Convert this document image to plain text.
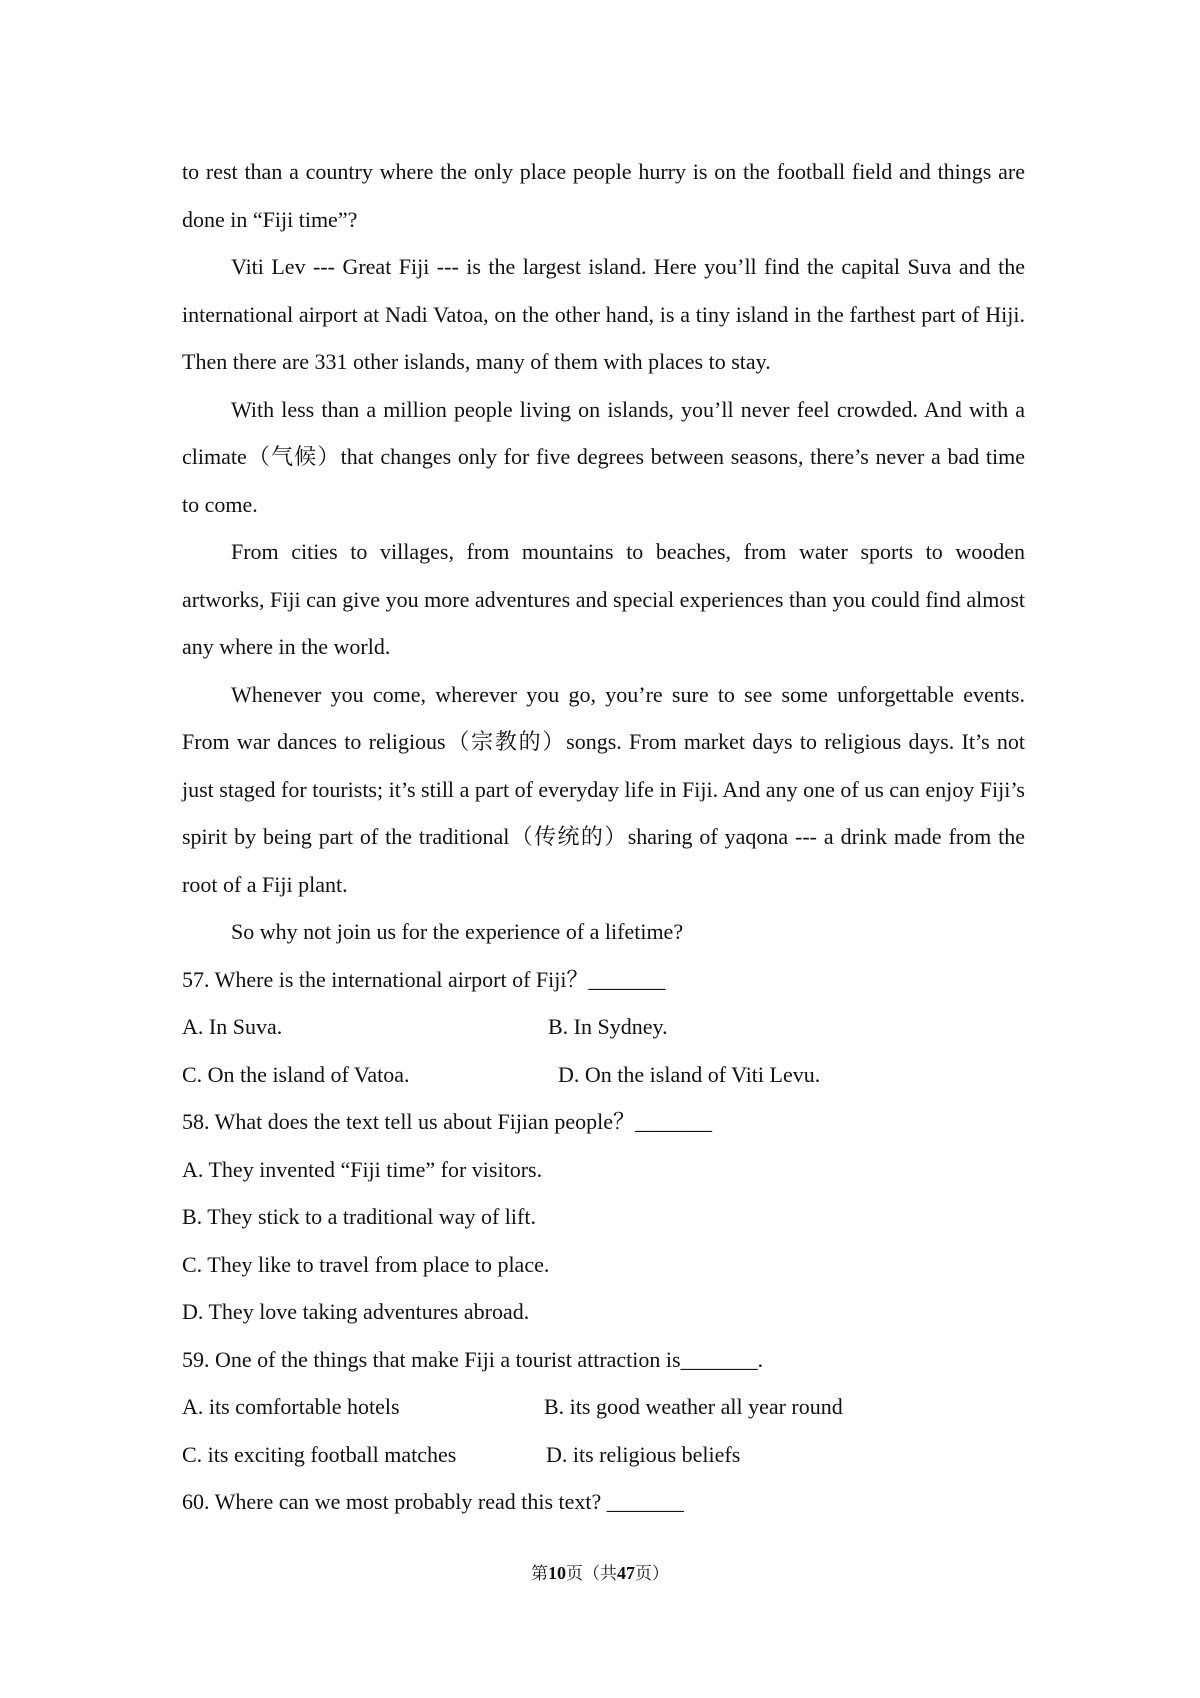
to rest than a country where the only place people hurry is on the football field and things are done in “Fiji time”?

Viti Lev --- Great Fiji --- is the largest island. Here you’ll find the capital Suva and the international airport at Nadi Vatoa, on the other hand, is a tiny island in the farthest part of Hiji. Then there are 331 other islands, many of them with places to stay.

With less than a million people living on islands, you’ll never feel crowded. And with a climate（气候）that changes only for five degrees between seasons, there’s never a bad time to come.

From cities to villages, from mountains to beaches, from water sports to wooden artworks, Fiji can give you more adventures and special experiences than you could find almost any where in the world.

Whenever you come, wherever you go, you’re sure to see some unforgettable events. From war dances to religious（宗教的）songs. From market days to religious days. It’s not just staged for tourists; it’s still a part of everyday life in Fiji. And any one of us can enjoy Fiji’s spirit by being part of the traditional（传统的）sharing of yaqona --- a drink made from the root of a Fiji plant.

So why not join us for the experience of a lifetime?

57. Where is the international airport of Fiji？_______

A. In Suva.	B. In Sydney.
C. On the island of Vatoa.	D. On the island of Viti Levu.

58. What does the text tell us about Fijian people？_______

A. They invented “Fiji time” for visitors.

B. They stick to a traditional way of lift.

C. They like to travel from place to place.

D. They love taking adventures abroad.

59. One of the things that make Fiji a tourist attraction is_______.

A. its comfortable hotels	B. its good weather all year round
C. its exciting football matches	D. its religious beliefs

60. Where can we most probably read this text? _______

第10页（共47页）
